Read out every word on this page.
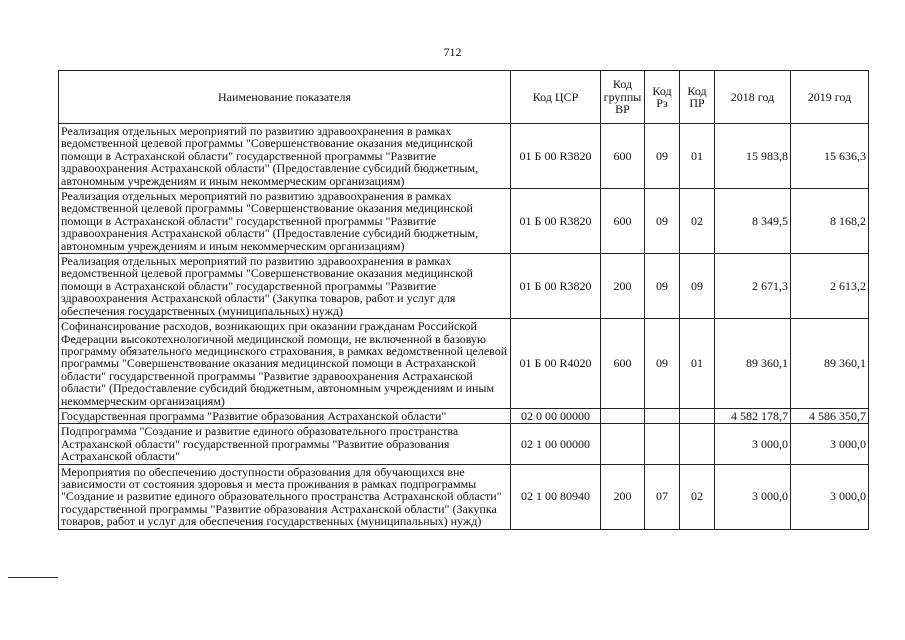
712
Наименование показателя	Код ЦСР	Код группы ВР	Код Рз	Код ПР	2018 год	2019 год
Реализация отдельных мероприятий по развитию здравоохранения в рамках ведомственной целевой программы "Совершенствование оказания медицинской помощи в Астраханской области" государственной программы "Развитие здравоохранения Астраханской области" (Предоставление субсидий бюджетным, автономным учреждениям и иным некоммерческим организациям)	01 Б 00 R3820	600	09	01	15 983,8	15 636,3
Реализация отдельных мероприятий по развитию здравоохранения в рамках ведомственной целевой программы "Совершенствование оказания медицинской помощи в Астраханской области" государственной программы "Развитие здравоохранения Астраханской области" (Предоставление субсидий бюджетным, автономным учреждениям и иным некоммерческим организациям)	01 Б 00 R3820	600	09	02	8 349,5	8 168,2
Реализация отдельных мероприятий по развитию здравоохранения в рамках ведомственной целевой программы "Совершенствование оказания медицинской помощи в Астраханской области" государственной программы "Развитие здравоохранения Астраханской области" (Закупка товаров, работ и услуг для обеспечения государственных (муниципальных) нужд)	01 Б 00 R3820	200	09	09	2 671,3	2 613,2
Софинансирование расходов, возникающих при оказании гражданам Российской Федерации высокотехнологичной медицинской помощи, не включенной в базовую программу обязательного медицинского страхования, в рамках ведомственной целевой программы "Совершенствование оказания медицинской помощи в Астраханской области" государственной программы "Развитие здравоохранения Астраханской области" (Предоставление субсидий бюджетным, автономным учреждениям и иным некоммерческим организациям)	01 Б 00 R4020	600	09	01	89 360,1	89 360,1
Государственная программа "Развитие образования Астраханской области"	02 0 00 00000				4 582 178,7	4 586 350,7
Подпрограмма "Создание и развитие единого образовательного пространства Астраханской области" государственной программы "Развитие образования Астраханской области"	02 1 00 00000				3 000,0	3 000,0
Мероприятия по обеспечению доступности образования для обучающихся вне зависимости от состояния здоровья и места проживания в рамках подпрограммы "Создание и развитие единого образовательного пространства Астраханской области" государственной программы "Развитие образования Астраханской области" (Закупка товаров, работ и услуг для обеспечения государственных (муниципальных) нужд)	02 1 00 80940	200	07	02	3 000,0	3 000,0
